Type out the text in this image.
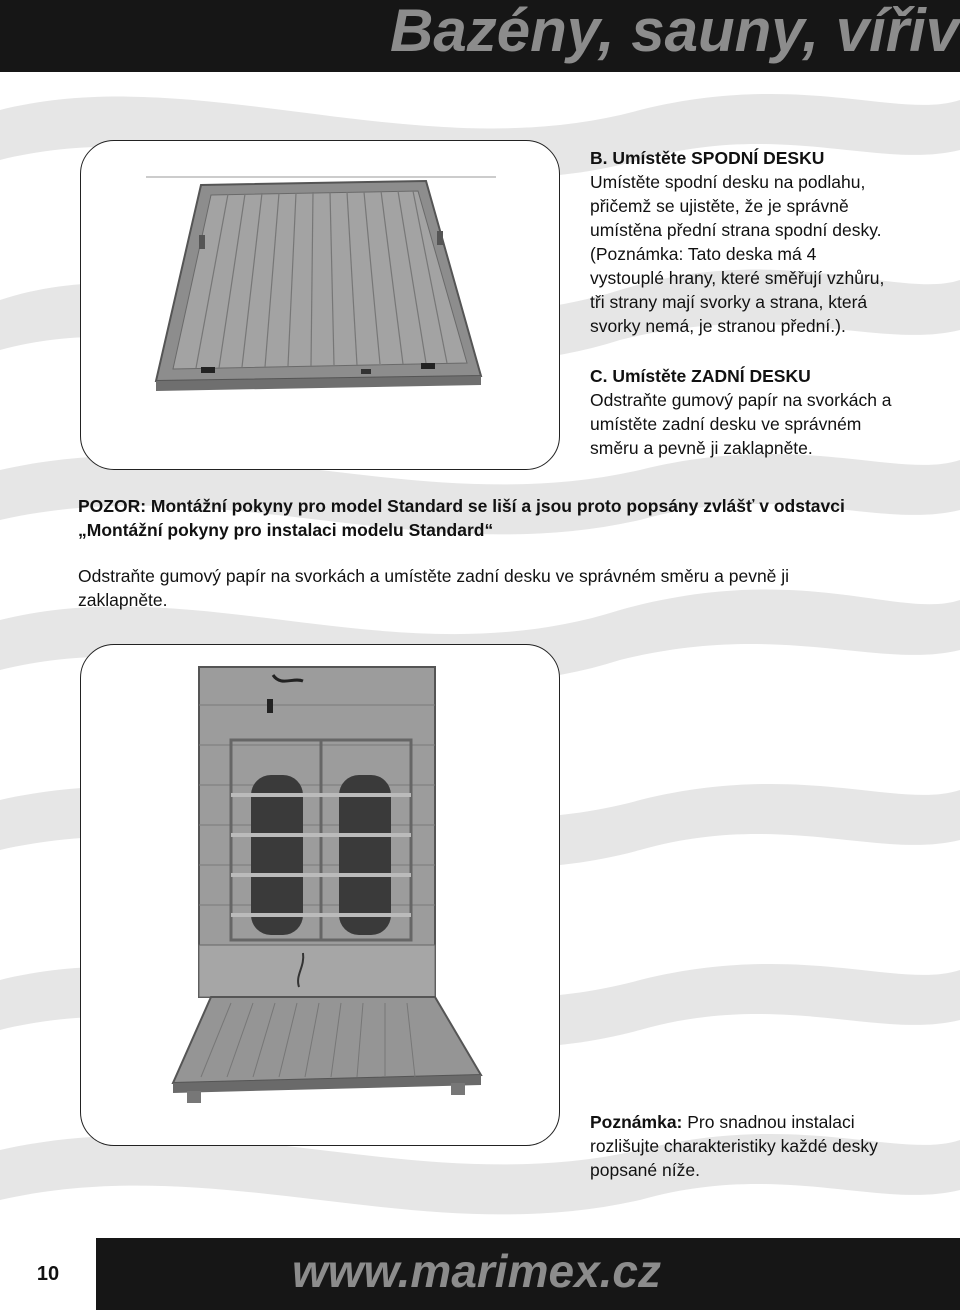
Bazény, sauny, vířiv

B. Umístěte SPODNÍ DESKU

Umístěte spodní desku na podlahu, přičemž se ujistěte, že je správně umístěna přední strana spodní desky. (Poznámka: Tato deska má 4 vystouplé hrany, které směřují vzhůru, tři strany mají svorky a strana, která svorky nemá, je stranou přední.).

C. Umístěte ZADNÍ DESKU

Odstraňte gumový papír na svorkách a umístěte zadní desku ve správném směru a pevně ji zaklapněte.

POZOR: Montážní pokyny pro model Standard se liší a jsou proto popsány zvlášť v odstavci „Montážní pokyny pro instalaci modelu Standard“
Odstraňte gumový papír na svorkách a umístěte zadní desku ve správném směru a pevně ji zaklapněte.

Poznámka: Pro snadnou instalaci rozlišujte charakteristiky každé desky popsané níže.

10	www.marimex.cz
